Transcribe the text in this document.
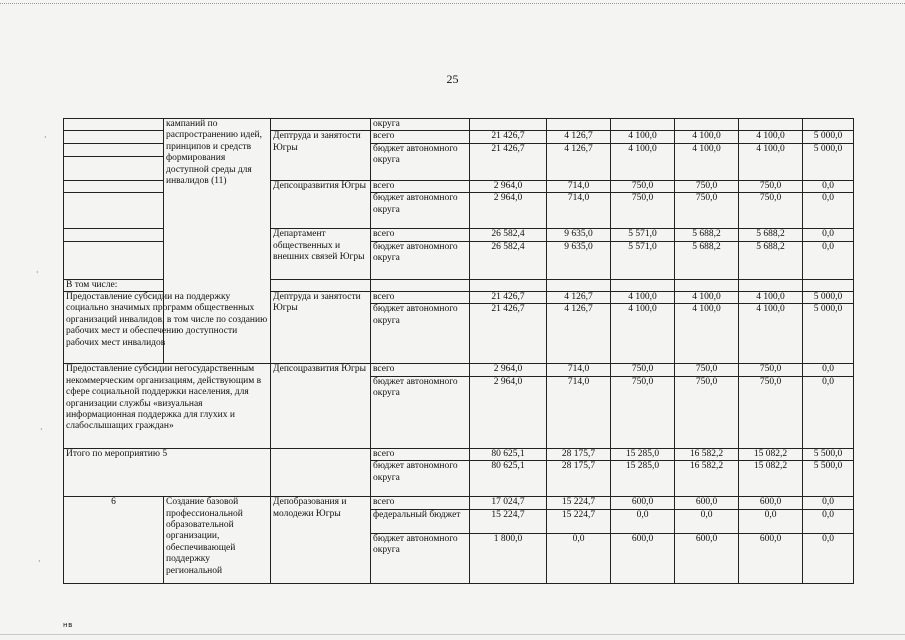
25
·
·
·
·
	кампаний по распространению идей, принципов и средств формирования доступной среды для инвалидов (11)		округа						
		Дептруда и занятости Югры	всего	21 426,7	4 126,7	4 100,0	4 100,0	4 100,0	5 000,0
			бюджет автономного округа	21 426,7	4 126,7	4 100,0	4 100,0	4 100,0	5 000,0

		Депсоцразвития Югры	всего	2 964,0	714,0	750,0	750,0	750,0	0,0
			бюджет автономного округа	2 964,0	714,0	750,0	750,0	750,0	0,0
		Департамент общественных и внешних связей Югры	всего	26 582,4	9 635,0	5 571,0	5 688,2	5 688,2	0,0
			бюджет автономного округа	26 582,4	9 635,0	5 571,0	5 688,2	5 688,2	0,0
В том числе:									
Предоставление субсидии на поддержку социально значимых программ общественных организаций инвалидов, в том числе по созданию рабочих мест и обеспечению доступности рабочих мест инвалидов		Дептруда и занятости Югры	всего	21 426,7	4 126,7	4 100,0	4 100,0	4 100,0	5 000,0
			бюджет автономного округа	21 426,7	4 126,7	4 100,0	4 100,0	4 100,0	5 000,0
Предоставление субсидии негосударственным некоммерческим организациям, действующим в сфере социальной поддержки населения, для организации службы «визуальная информационная поддержка для глухих и слабослышащих граждан»		Депсоцразвития Югры	всего	2 964,0	714,0	750,0	750,0	750,0	0,0
			бюджет автономного округа	2 964,0	714,0	750,0	750,0	750,0	0,0
Итого по мероприятию 5			всего	80 625,1	28 175,7	15 285,0	16 582,2	15 082,2	5 500,0
			бюджет автономного округа	80 625,1	28 175,7	15 285,0	16 582,2	15 082,2	5 500,0
6	Создание базовой профессиональной образовательной организации, обеспечивающей поддержку региональной	Депобразования и молодежи Югры	всего	17 024,7	15 224,7	600,0	600,0	600,0	0,0
			федеральный бюджет	15 224,7	15 224,7	0,0	0,0	0,0	0,0
			бюджет автономного округа	1 800,0	0,0	600,0	600,0	600,0	0,0
нв
